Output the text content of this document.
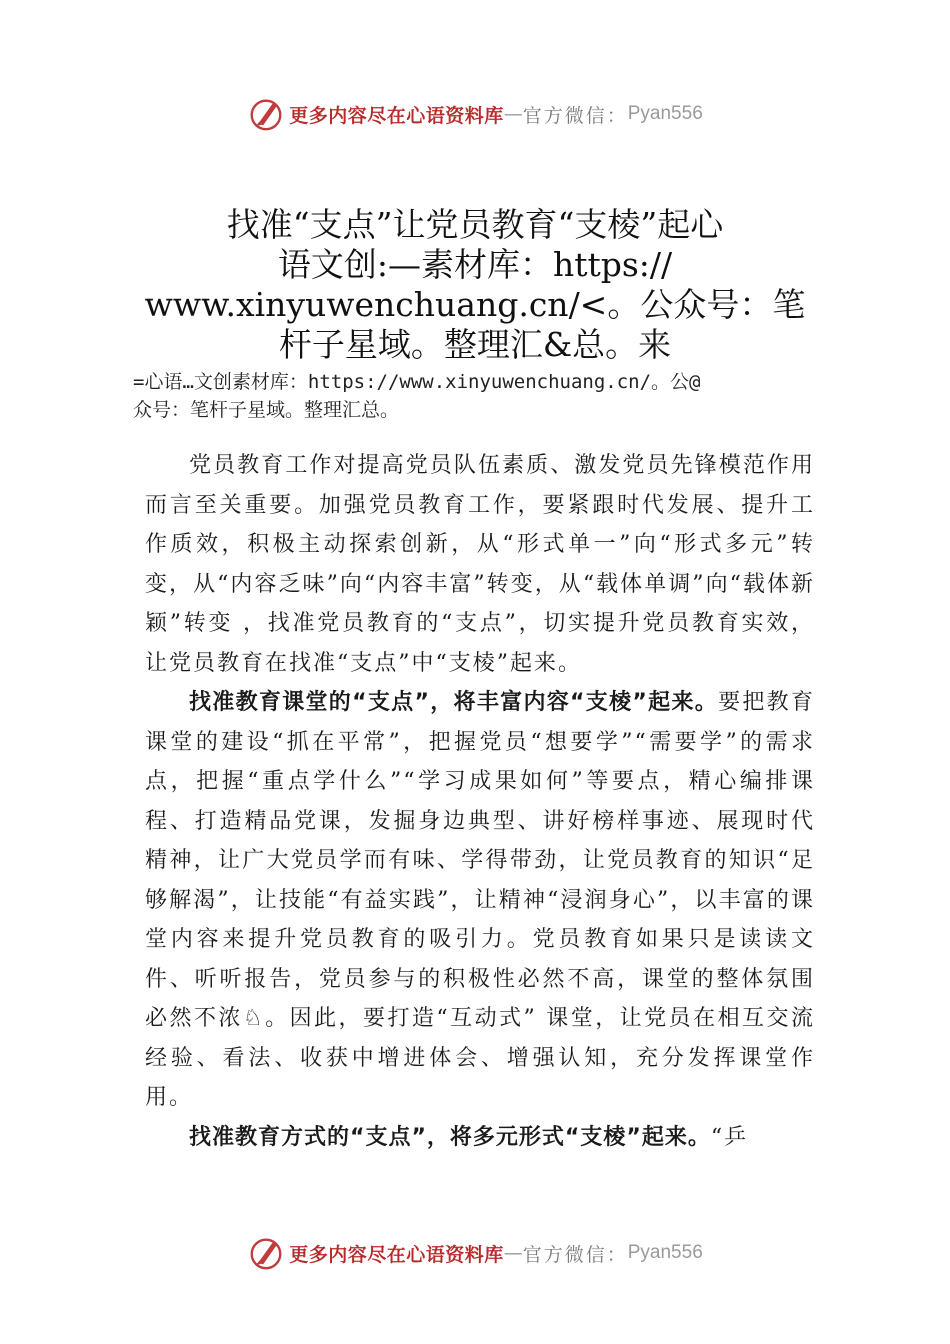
更多内容尽在心语资料库 — 官方微信： Pyan556
找准“支点”让党员教育“支棱”起心
语文创:—素材库：https://
www.xinyuwenchuang.cn/<。公众号：笔
杆子星域。整理汇&总。来
=心语…文创素材库：https://www.xinyuwenchuang.cn/。公@
众号：笔杆子星域。整理汇总。

党员教育工作对提高党员队伍素质、激发党员先锋模范作用而言至关重要。加强党员教育工作，要紧跟时代发展、提升工作质效，积极主动探索创新，从“形式单一”向“形式多元”转变，从“内容乏味”向“内容丰富”转变，从“载体单调”向“载体新颖”转变 ，找准党员教育的“支点”，切实提升党员教育实效，让党员教育在找准“支点”中“支棱”起来。

找准教育课堂的“支点”，将丰富内容“支棱”起来。要把教育课堂的建设“抓在平常”，把握党员“想要学”“需要学”的需求点，把握“重点学什么”“学习成果如何”等要点，精心编排课程、打造精品党课，发掘身边典型、讲好榜样事迹、展现时代精神，让广大党员学而有味、学得带劲，让党员教育的知识“足够解渴”，让技能“有益实践”，让精神“浸润身心”，以丰富的课堂内容来提升党员教育的吸引力。党员教育如果只是读读文件、听听报告，党员参与的积极性必然不高，课堂的整体氛围必然不浓♘。因此，要打造“互动式” 课堂，让党员在相互交流经验、看法、收获中增进体会、增强认知，充分发挥课堂作用。

找准教育方式的“支点”，将多元形式“支棱”起来。“乒

更多内容尽在心语资料库 — 官方微信： Pyan556
